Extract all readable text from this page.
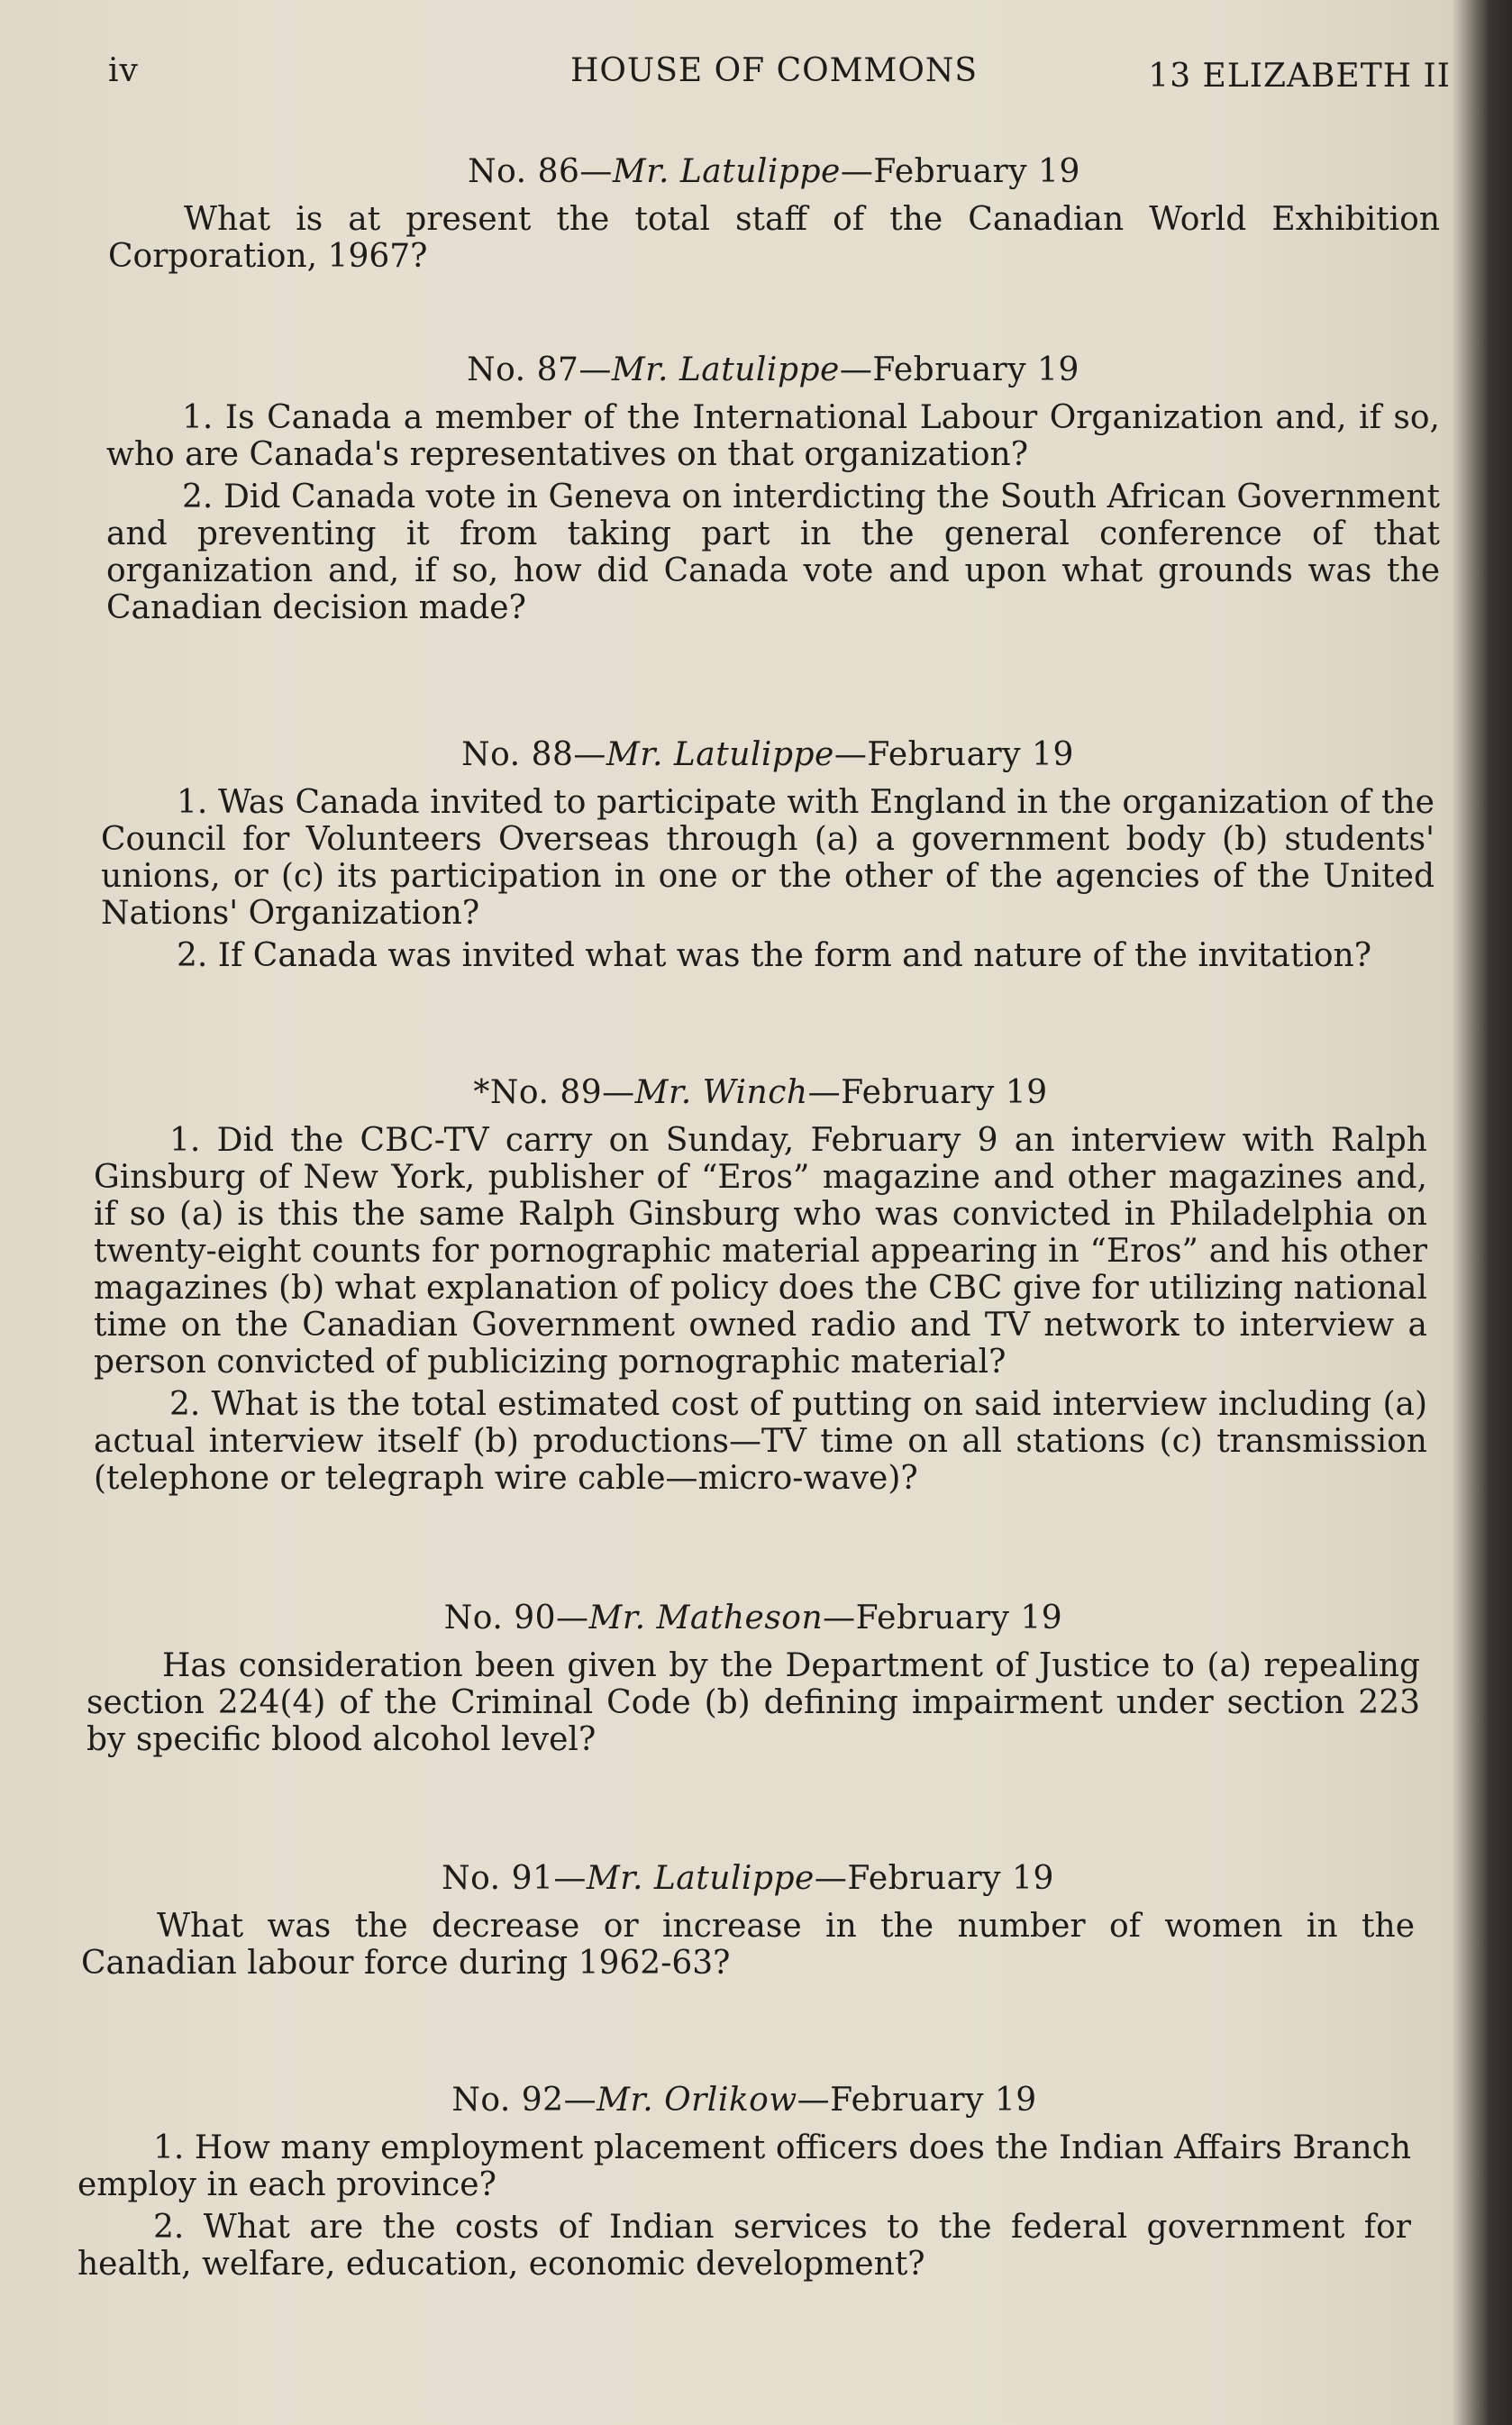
iv	HOUSE OF COMMONS	13 ELIZABETH II
No. 86—Mr. Latulippe—February 19

What is at present the total staff of the Canadian World Exhibition Corporation, 1967?

No. 87—Mr. Latulippe—February 19

1. Is Canada a member of the International Labour Organization and, if so, who are Canada's representatives on that organization?

2. Did Canada vote in Geneva on interdicting the South African Government and preventing it from taking part in the general conference of that organization and, if so, how did Canada vote and upon what grounds was the Canadian decision made?

No. 88—Mr. Latulippe—February 19

1. Was Canada invited to participate with England in the organization of the Council for Volunteers Overseas through (a) a government body (b) students' unions, or (c) its participation in one or the other of the agencies of the United Nations' Organization?

2. If Canada was invited what was the form and nature of the invitation?

*No. 89—Mr. Winch—February 19

1. Did the CBC-TV carry on Sunday, February 9 an interview with Ralph Ginsburg of New York, publisher of “Eros” magazine and other magazines and, if so (a) is this the same Ralph Ginsburg who was convicted in Philadelphia on twenty-eight counts for pornographic material appearing in “Eros” and his other magazines (b) what explanation of policy does the CBC give for utilizing national time on the Canadian Government owned radio and TV network to interview a person convicted of publicizing pornographic material?

2. What is the total estimated cost of putting on said interview including (a) actual interview itself (b) productions—TV time on all stations (c) transmission (telephone or telegraph wire cable—micro-wave)?

No. 90—Mr. Matheson—February 19

Has consideration been given by the Department of Justice to (a) repealing section 224(4) of the Criminal Code (b) defining impairment under section 223 by specific blood alcohol level?

No. 91—Mr. Latulippe—February 19

What was the decrease or increase in the number of women in the Canadian labour force during 1962-63?

No. 92—Mr. Orlikow—February 19

1. How many employment placement officers does the Indian Affairs Branch employ in each province?

2. What are the costs of Indian services to the federal government for health, welfare, education, economic development?
